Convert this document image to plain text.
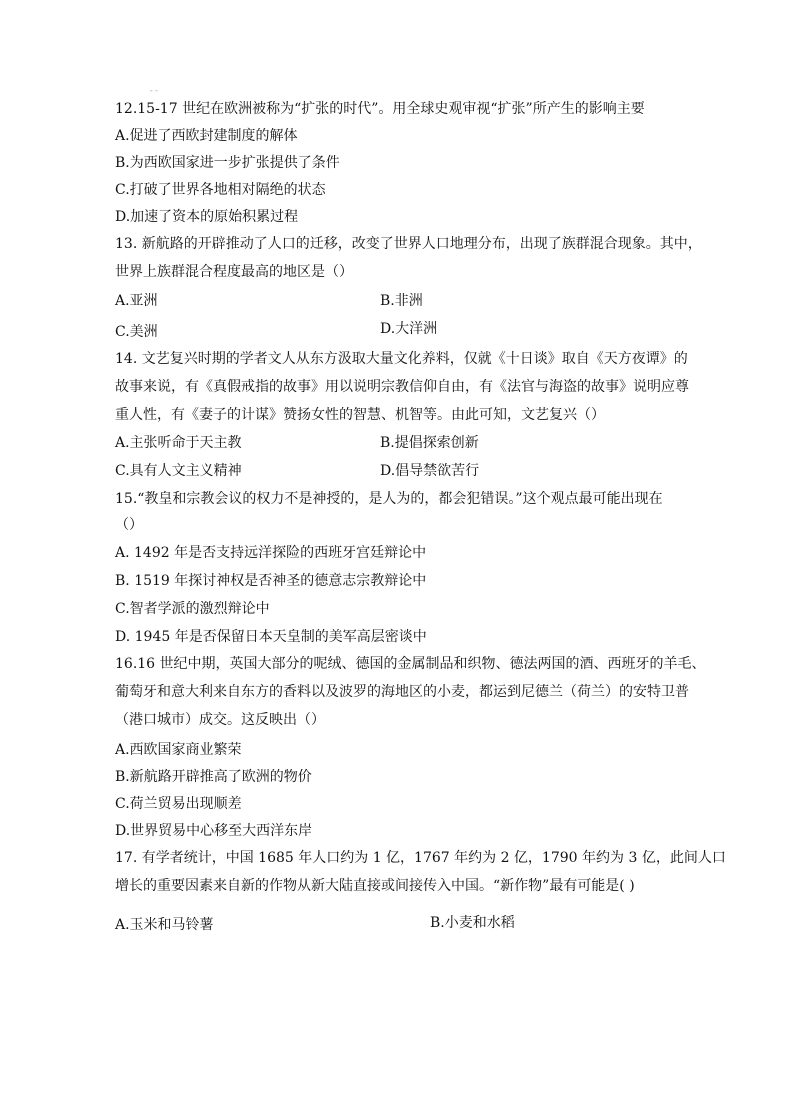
- -
12.15-17 世纪在欧洲被称为“扩张的时代”。用全球史观审视“扩张”所产生的影响主要
A.促进了西欧封建制度的解体
B.为西欧国家进一步扩张提供了条件
C.打破了世界各地相对隔绝的状态
D.加速了资本的原始积累过程
13. 新航路的开辟推动了人口的迁移，改变了世界人口地理分布，出现了族群混合现象。其中，
世界上族群混合程度最高的地区是（）
A.亚洲	B.非洲
C.美洲	D.大洋洲
14. 文艺复兴时期的学者文人从东方汲取大量文化养料，仅就《十日谈》取自《天方夜谭》的
故事来说，有《真假戒指的故事》用以说明宗教信仰自由，有《法官与海盗的故事》说明应尊
重人性，有《妻子的计谋》赞扬女性的智慧、机智等。由此可知，文艺复兴（）
A.主张听命于天主教	B.提倡探索创新
C.具有人文主义精神	D.倡导禁欲苦行
15.“教皇和宗教会议的权力不是神授的，是人为的，都会犯错误。”这个观点最可能出现在
（）
A. 1492 年是否支持远洋探险的西班牙宫廷辩论中
B. 1519 年探讨神权是否神圣的德意志宗教辩论中
C.智者学派的激烈辩论中
D. 1945 年是否保留日本天皇制的美军高层密谈中
16.16 世纪中期，英国大部分的呢绒、德国的金属制品和织物、德法两国的酒、西班牙的羊毛、
葡萄牙和意大利来自东方的香料以及波罗的海地区的小麦，都运到尼德兰（荷兰）的安特卫普
（港口城市）成交。这反映出（）
A.西欧国家商业繁荣
B.新航路开辟推高了欧洲的物价
C.荷兰贸易出现顺差
D.世界贸易中心移至大西洋东岸
17. 有学者统计，中国 1685 年人口约为 1 亿，1767 年约为 2 亿，1790 年约为 3 亿，此间人口
增长的重要因素来自新的作物从新大陆直接或间接传入中国。“新作物”最有可能是( )
A.玉米和马铃薯	B.小麦和水稻
